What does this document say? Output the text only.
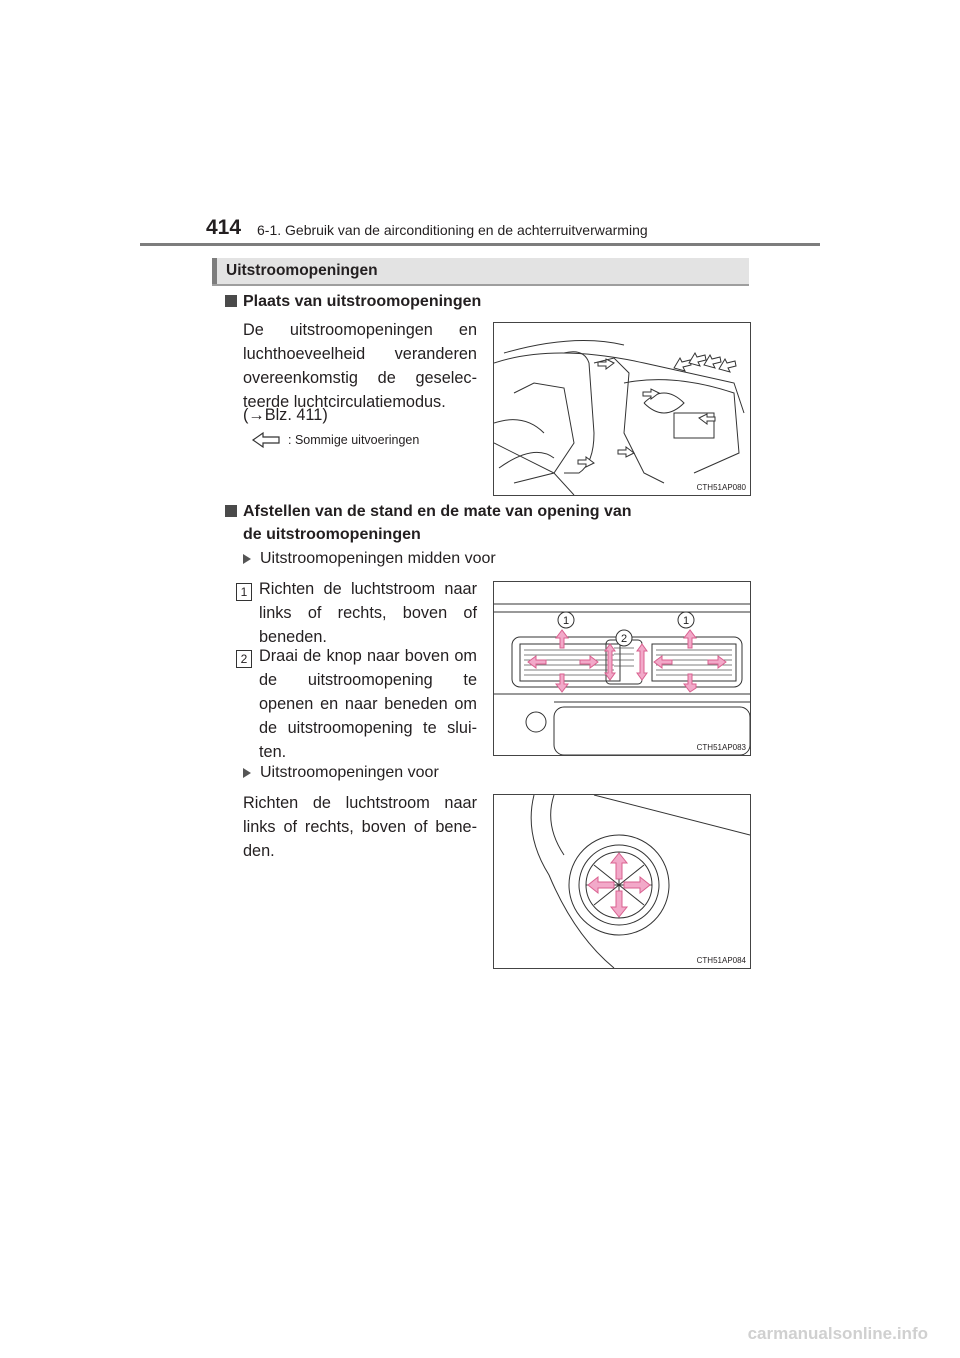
414 6-1. Gebruik van de airconditioning en de achterruitverwarming
Uitstroomopeningen
Plaats van uitstroomopeningen
De uitstroomopeningen en luchthoeveelheid veranderen overeenkomstig de geselec-teerde luchtcirculatiemodus.
(→Blz. 411)
: Sommige uitvoeringen
CTH51AP080
Afstellen van de stand en de mate van opening van
de uitstroomopeningen
Uitstroomopeningen midden voor
1 Richten de luchtstroom naar links of rechts, boven of beneden.
2 Draai de knop naar boven om de uitstroomopening te openen en naar beneden om de uitstroomopening te slui-ten.
1	1
2
CTH51AP083
Uitstroomopeningen voor
Richten de luchtstroom naar links of rechts, boven of bene-den.
CTH51AP084
carmanualsonline.info
